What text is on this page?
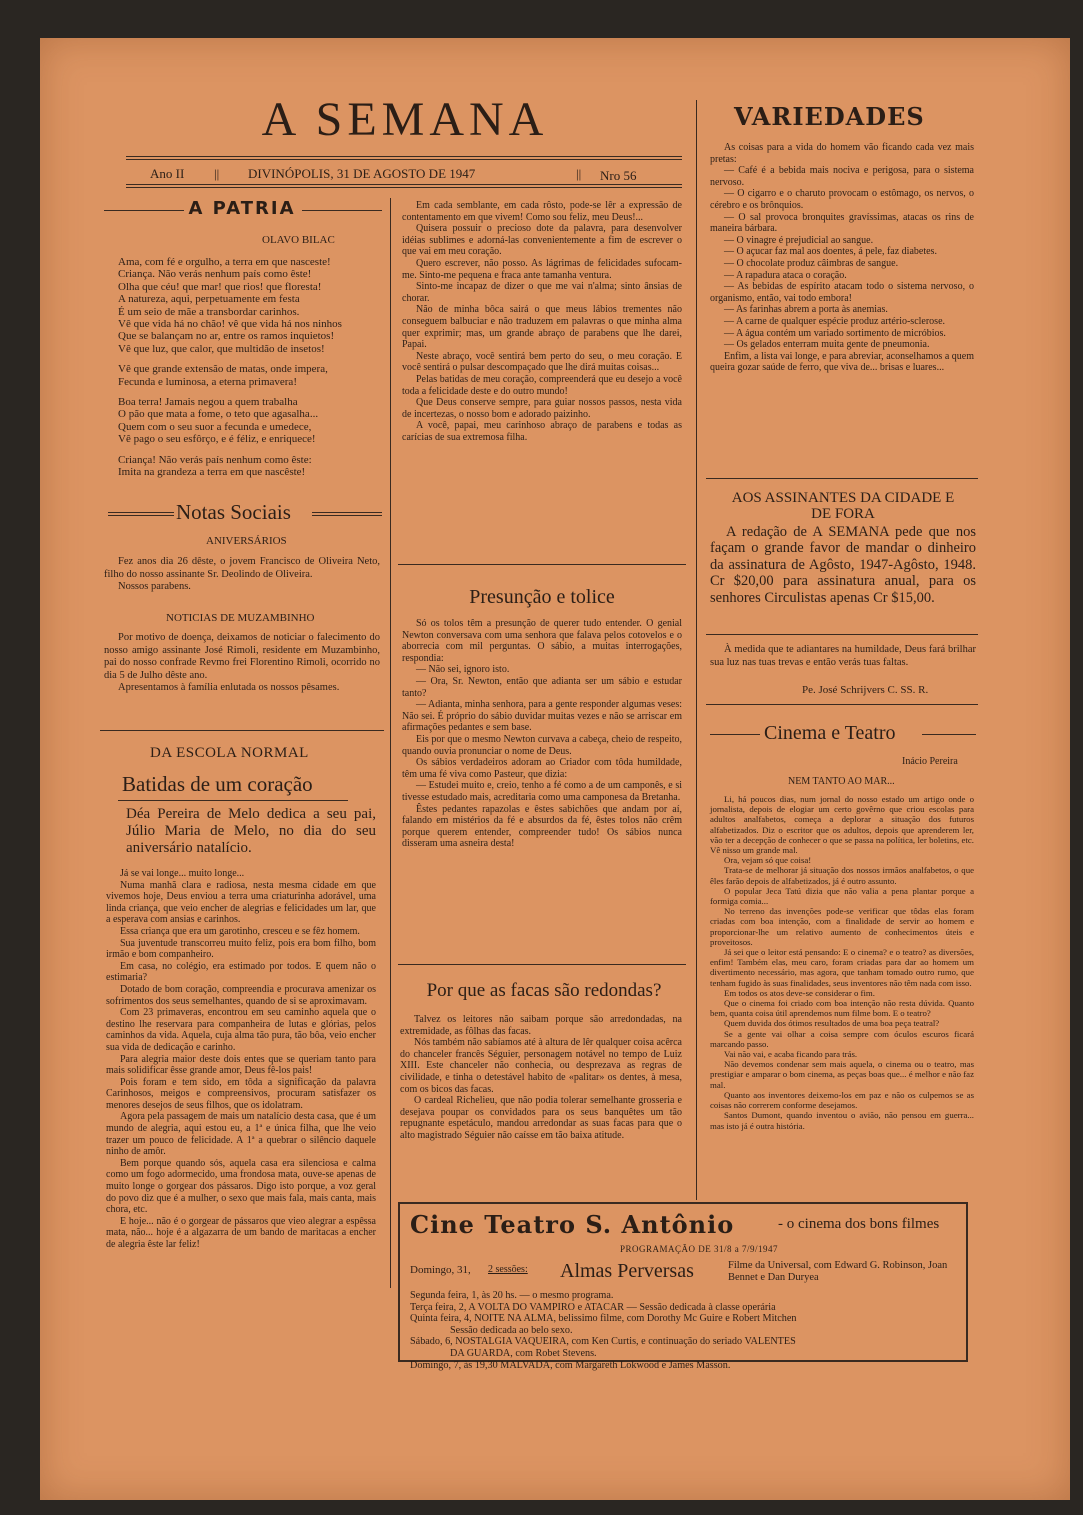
A SEMANA
Ano II	DIVINÓPOLIS, 31 DE AGOSTO DE 1947	Nro 56
||	||
A PATRIA
OLAVO BILAC
Ama, com fé e orgulho, a terra em que nasceste!
Criança. Não verás nenhum país como êste!
Olha que céu! que mar! que rios! que floresta!
A natureza, aqui, perpetuamente em festa
É um seio de mãe a transbordar carinhos.
Vê que vida há no chão! vê que vida há nos ninhos
Que se balançam no ar, entre os ramos inquietos!
Vê que luz, que calor, que multidão de insetos!
Vê que grande extensão de matas, onde impera,
Fecunda e luminosa, a eterna primavera!
Boa terra! Jamais negou a quem trabalha
O pão que mata a fome, o teto que agasalha...
Quem com o seu suor a fecunda e umedece,
Vê pago o seu esfôrço, e é féliz, e enriquece!
Criança! Não verás país nenhum como êste:
Imita na grandeza a terra em que nascêste!
Notas Sociais
ANIVERSÁRIOS

Fez anos dia 26 dêste, o jovem Francisco de Oliveira Neto, filho do nosso assinante Sr. Deolindo de Oliveira.

Nossos parabens.

NOTICIAS DE MUZAMBINHO

Por motivo de doença, deixamos de noticiar o falecimento do nosso amigo assinante José Rimoli, residente em Muzambinho, pai do nosso confrade Revmo frei Florentino Rimoli, ocorrido no dia 5 de Julho dêste ano.

Apresentamos à família enlutada os nossos pêsames.

DA ESCOLA NORMAL
Batidas de um coração
Déa Pereira de Melo dedica a seu pai, Júlio Maria de Melo, no dia do seu aniversário natalício.

Já se vai longe... muito longe...

Numa manhã clara e radiosa, nesta mesma cidade em que vivemos hoje, Deus enviou a terra uma criaturinha adorável, uma linda criança, que veio encher de alegrias e felicidades um lar, que a esperava com ansias e carinhos.

Essa criança que era um garotinho, cresceu e se fêz homem.

Sua juventude transcorreu muito feliz, pois era bom filho, bom irmão e bom companheiro.

Em casa, no colégio, era estimado por todos. E quem não o estimaria?

Dotado de bom coração, compreendia e procurava amenizar os sofrimentos dos seus semelhantes, quando de si se aproximavam.

Com 23 primaveras, encontrou em seu caminho aquela que o destino lhe reservara para companheira de lutas e glórias, pelos caminhos da vida. Aquela, cuja alma tão pura, tão bôa, veio encher sua vida de dedicação e carinho.

Para alegria maior deste dois entes que se queriam tanto para mais solidificar êsse grande amor, Deus fê-los pais!

Pois foram e tem sido, em tôda a significação da palavra Carinhosos, meigos e compreensivos, procuram satisfazer os menores desejos de seus filhos, que os idolatram.

Agora pela passagem de mais um natalício desta casa, que é um mundo de alegria, aqui estou eu, a 1ª e única filha, que lhe veio trazer um pouco de felicidade. A 1ª a quebrar o silêncio daquele ninho de amôr.

Bem porque quando sós, aquela casa era silenciosa e calma como um fogo adormecido, uma frondosa mata, ouve-se apenas de muito longe o gorgear dos pássaros. Digo isto porque, a voz geral do povo diz que é a mulher, o sexo que mais fala, mais canta, mais chora, etc.

E hoje... não é o gorgear de pássaros que vieo alegrar a espêssa mata, não... hoje é a algazarra de um bando de maritacas a encher de alegria êste lar feliz!

Em cada semblante, em cada rôsto, pode-se lêr a expressão de contentamento em que vivem! Como sou feliz, meu Deus!...

Quisera possuir o precioso dote da palavra, para desenvolver idéias sublimes e adorná-las convenientemente a fim de escrever o que vai em meu coração.

Quero escrever, não posso. As lágrimas de felicidades sufocam-me. Sinto-me pequena e fraca ante tamanha ventura.

Sinto-me incapaz de dizer o que me vai n'alma; sinto ânsias de chorar.

Não de minha bôca sairá o que meus lábios trementes não conseguem balbuciar e não traduzem em palavras o que minha alma quer exprimir; mas, um grande abraço de parabens que lhe darei, Papai.

Neste abraço, você sentirá bem perto do seu, o meu coração. E você sentirá o pulsar descompaçado que lhe dirá muitas coisas...

Pelas batidas de meu coração, compreenderá que eu desejo a você toda a felicidade deste e do outro mundo!

Que Deus conserve sempre, para guiar nossos passos, nesta vida de incertezas, o nosso bom e adorado paizinho.

A você, papai, meu carinhoso abraço de parabens e todas as carícias de sua extremosa filha.

Presunção e tolice

Só os tolos têm a presunção de querer tudo entender. O genial Newton conversava com uma senhora que falava pelos cotovelos e o aborrecia com mil perguntas. O sábio, a muitas interrogações, respondia:

— Não sei, ignoro isto.

— Ora, Sr. Newton, então que adianta ser um sábio e estudar tanto?

— Adianta, minha senhora, para a gente responder algumas veses: Não sei. É próprio do sábio duvidar muitas vezes e não se arriscar em afirmações pedantes e sem base.

Eis por que o mesmo Newton curvava a cabeça, cheio de respeito, quando ouvia pronunciar o nome de Deus.

Os sábios verdadeiros adoram ao Criador com tôda humildade, têm uma fé viva como Pasteur, que dizia:

— Estudei muito e, creio, tenho a fé como a de um camponês, e si tivesse estudado mais, acreditaria como uma camponesa da Bretanha.

Êstes pedantes rapazolas e êstes sabichões que andam por aí, falando em mistérios da fé e absurdos da fé, êstes tolos não crêm porque querem entender, compreender tudo! Os sábios nunca disseram uma asneira desta!

Por que as facas são redondas?

Talvez os leitores não saibam porque são arredondadas, na extremidade, as fôlhas das facas.

Nós também não sabíamos até à altura de lêr qualquer coisa acêrca do chanceler francês Séguier, personagem notável no tempo de Luiz XIII. Este chanceler não conhecia, ou desprezava as regras de civilidade, e tinha o detestável habito de «palitar» os dentes, à mesa, com os bicos das facas.

O cardeal Richelieu, que não podia tolerar semelhante grosseria e desejava poupar os convidados para os seus banquêtes um tão repugnante espetáculo, mandou arredondar as suas facas para que o alto magistrado Séguier não caísse em tão baixa atitude.

VARIEDADES

As coisas para a vida do homem vão ficando cada vez mais pretas:

— Café é a bebida mais nociva e perigosa, para o sistema nervoso.

— O cigarro e o charuto provocam o estômago, os nervos, o cérebro e os brônquios.

— O sal provoca bronquites gravíssimas, atacas os rins de maneira bárbara.

— O vinagre é prejudicial ao sangue.

— O açucar faz mal aos doentes, á pele, faz diabetes.

— O chocolate produz câimbras de sangue.

— A rapadura ataca o coração.

— As bebidas de espírito atacam todo o sistema nervoso, o organismo, então, vai todo embora!

— As farinhas abrem a porta às anemias.

— A carne de qualquer espécie produz artério-sclerose.

— A água contém um variado sortimento de micróbios.

— Os gelados enterram muita gente de pneumonia.

Enfim, a lista vai longe, e para abreviar, aconselhamos a quem queira gozar saúde de ferro, que viva de... brisas e luares...

AOS ASSINANTES DA CIDADE E DE FORA
A redação de A SEMANA pede que nos façam o grande favor de mandar o dinheiro da assinatura de Agôsto, 1947-Agôsto, 1948. Cr $20,00 para assinatura anual, para os senhores Circulistas apenas Cr $15,00.
À medida que te adiantares na humildade, Deus fará brilhar sua luz nas tuas trevas e então verás tuas faltas.
Pe. José Schrijvers C. SS. R.
Cinema e Teatro
Inácio Pereira
NEM TANTO AO MAR...

Li, há poucos dias, num jornal do nosso estado um artigo onde o jornalista, depois de elogiar um certo govêrno que criou escolas para adultos analfabetos, começa a deplorar a situação dos futuros alfabetizados. Diz o escritor que os adultos, depois que aprenderem ler, vão ter a decepção de conhecer o que se passa na política, ler boletins, etc. Vê nisso um grande mal.

Ora, vejam só que coisa!

Trata-se de melhorar já situação dos nossos irmãos analfabetos, o que êles farão depois de alfabetizados, já é outro assunto.

O popular Jeca Tatú dizia que não valia a pena plantar porque a formiga comia...

No terreno das invenções pode-se verificar que tôdas elas foram criadas com boa intenção, com a finalidade de servir ao homem e proporcionar-lhe um relativo aumento de conhecimentos úteis e proveitosos.

Já sei que o leitor está pensando: E o cinema? e o teatro? as diversões, enfim! Também elas, meu caro, foram criadas para dar ao homem um divertimento necessário, mas agora, que tanham tomado outro rumo, que tenham fugido às suas finalidades, seus inventores não têm nada com isso.

Em todos os atos deve-se considerar o fim.

Que o cinema foi criado com boa intenção não resta dúvida. Quanto bem, quanta coisa útil aprendemos num filme bom. E o teatro?

Quem duvida dos ótimos resultados de uma boa peça teatral?

Se a gente vai olhar a coisa sempre com óculos escuros ficará marcando passo.

Vai não vai, e acaba ficando para trás.

Não devemos condenar sem mais aquela, o cinema ou o teatro, mas prestigiar e amparar o bom cinema, as peças boas que... é melhor e não faz mal.

Quanto aos inventores deixemo-los em paz e não os culpemos se as coisas não correrem conforme desejamos.

Santos Dumont, quando inventou o avião, não pensou em guerra... mas isto já é outra história.

Cine Teatro S. Antônio	- o cinema dos bons filmes
PROGRAMAÇÃO DE 31/8 a 7/9/1947
Domingo, 31, 2 sessões: Almas Perversas	Filme da Universal, com Edward G. Robinson, Joan Bennet e Dan Duryea
Segunda feira, 1, às 20 hs. — o mesmo programa.
Terça feira, 2, A VOLTA DO VAMPIRO e ATACAR — Sessão dedicada à classe operária
Quinta feira, 4, NOITE NA ALMA, belissimo filme, com Dorothy Mc Guire e Robert Mitchen
Sessão dedicada ao belo sexo.
Sábado, 6, NOSTALGIA VAQUEIRA, com Ken Curtis, e continuação do seriado VALENTES
DA GUARDA, com Robet Stevens.
Domingo, 7, às 19,30 MALVADA, com Margareth Lokwood e James Masson.
